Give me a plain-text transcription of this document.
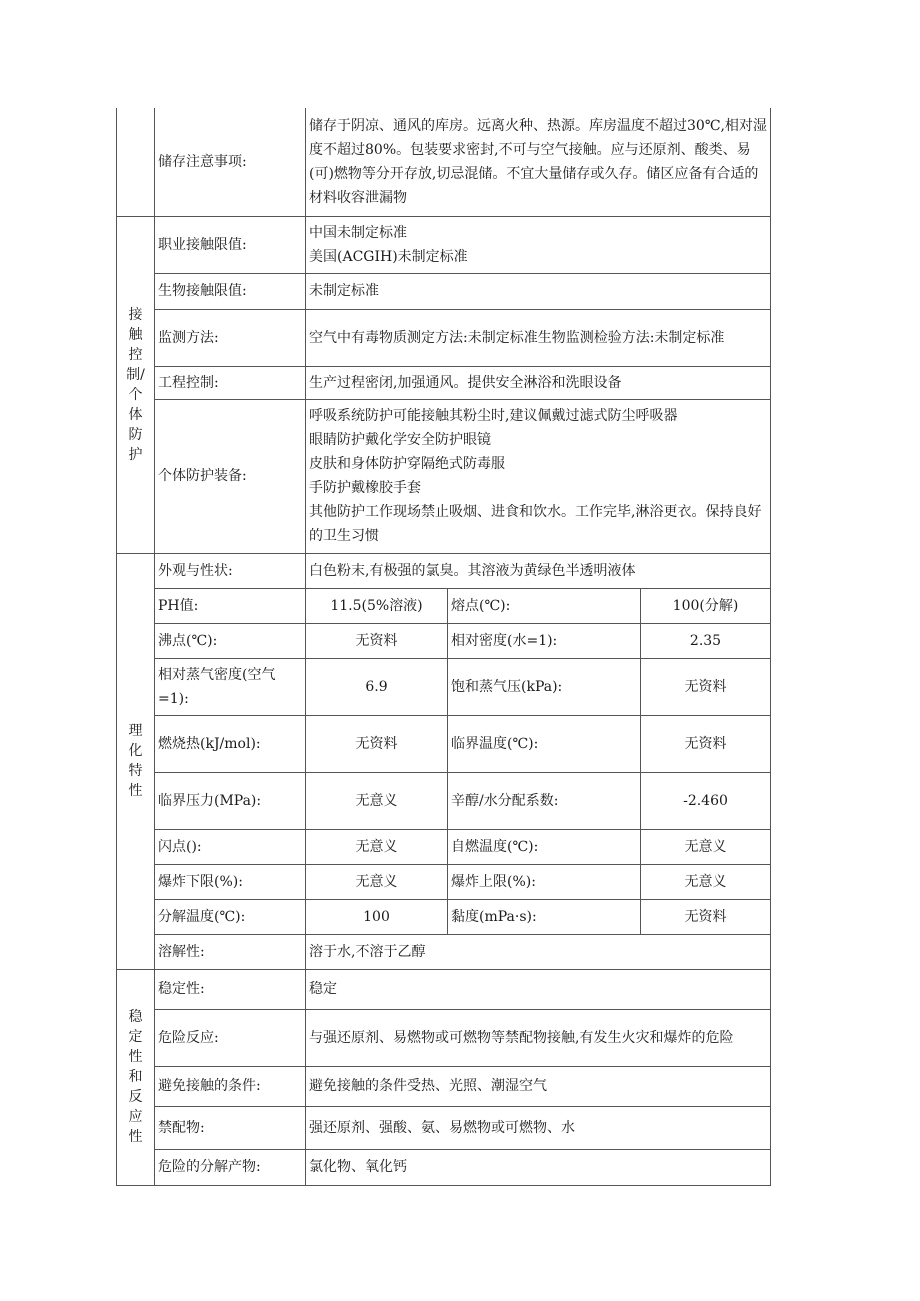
	储存注意事项:	储存于阴凉、通风的库房。远离火种、热源。库房温度不超过30℃,相对湿度不超过80%。包装要求密封,不可与空气接触。应与还原剂、酸类、易(可)燃物等分开存放,切忌混储。不宜大量储存或久存。储区应备有合适的材料收容泄漏物		
接触控制/个体防护	职业接触限值:	中国未制定标准
美国(ACGIH)未制定标准		

	生物接触限值:	未制定标准		
	监测方法:	空气中有毒物质测定方法:未制定标准生物监测检验方法:未制定标准		
	工程控制:	生产过程密闭,加强通风。提供安全淋浴和洗眼设备		
	个体防护装备:	呼吸系统防护可能接触其粉尘时,建议佩戴过滤式防尘呼吸器
眼睛防护戴化学安全防护眼镜
皮肤和身体防护穿隔绝式防毒服
手防护戴橡胶手套
其他防护工作现场禁止吸烟、进食和饮水。工作完毕,淋浴更衣。保持良好的卫生习惯		

理化特性	外观与性状:	白色粉末,有极强的氯臭。其溶液为黄绿色半透明液体		
	PH值:	11.5(5%溶液)	熔点(℃):	100(分解)
	沸点(℃):	无资料	相对密度(水=1):	2.35
	相对蒸气密度(空气=1):	6.9	饱和蒸气压(kPa):	无资料
	燃烧热(kJ/mol):	无资料	临界温度(℃):	无资料
	临界压力(MPa):	无意义	辛醇/水分配系数:	-2.460
	闪点():	无意义	自燃温度(℃):	无意义
	爆炸下限(%):	无意义	爆炸上限(%):	无意义
	分解温度(℃):	100	黏度(mPa·s):	无资料
	溶解性:	溶于水,不溶于乙醇		
稳定性和反应性	稳定性:	稳定		
	危险反应:	与强还原剂、易燃物或可燃物等禁配物接触,有发生火灾和爆炸的危险		
	避免接触的条件:	避免接触的条件受热、光照、潮湿空气		
	禁配物:	强还原剂、强酸、氨、易燃物或可燃物、水		
	危险的分解产物:	氯化物、氧化钙		
